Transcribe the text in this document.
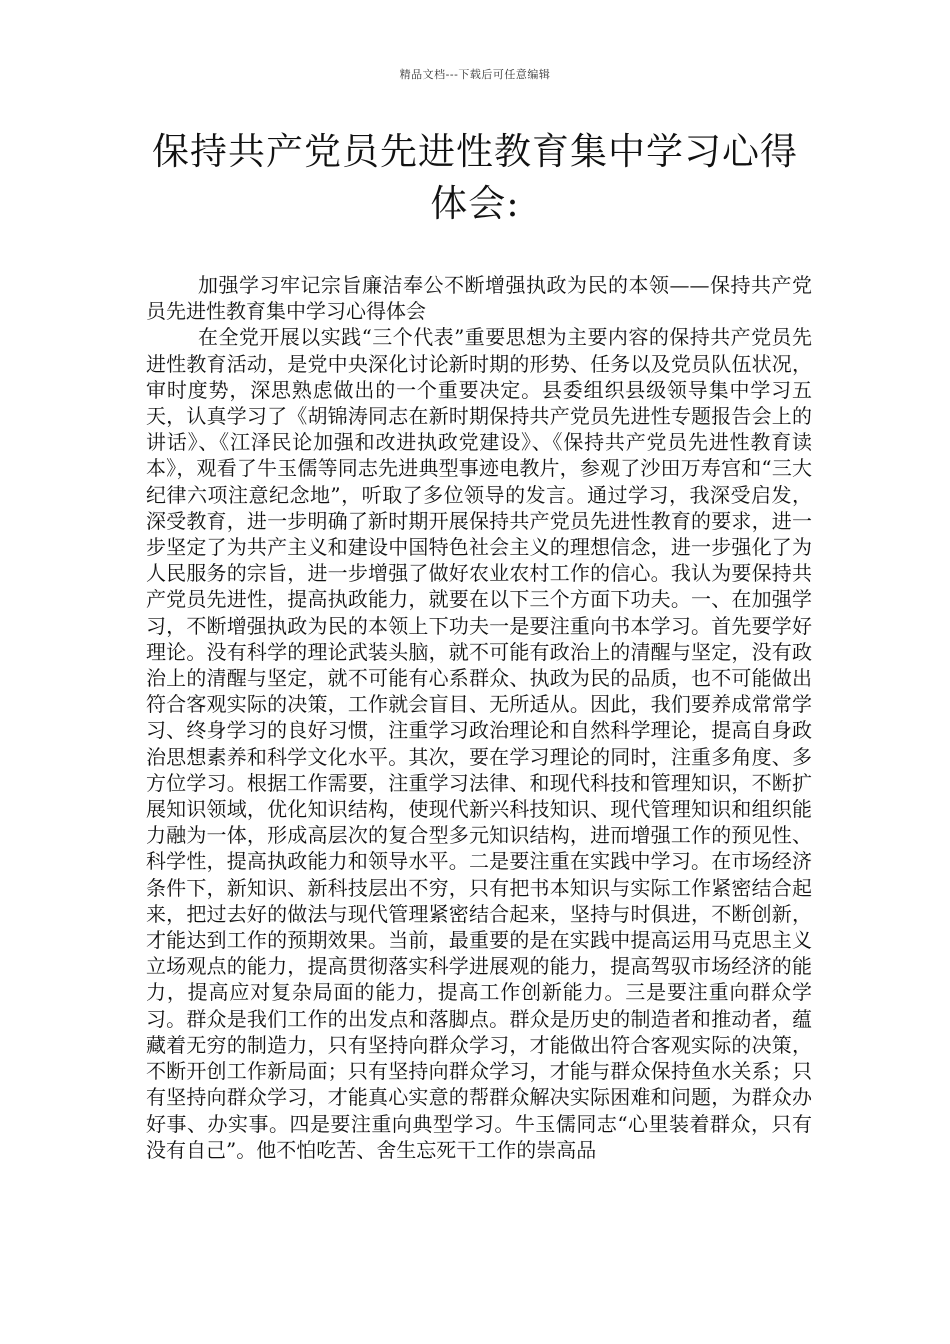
精品文档---下载后可任意编辑
保持共产党员先进性教育集中学习心得体会:

加强学习牢记宗旨廉洁奉公不断增强执政为民的本领——保持共产党员先进性教育集中学习心得体会

在全党开展以实践“三个代表”重要思想为主要内容的保持共产党员先进性教育活动，是党中央深化讨论新时期的形势、任务以及党员队伍状况，审时度势，深思熟虑做出的一个重要决定。县委组织县级领导集中学习五天，认真学习了《胡锦涛同志在新时期保持共产党员先进性专题报告会上的讲话》、《江泽民论加强和改进执政党建设》、《保持共产党员先进性教育读本》，观看了牛玉儒等同志先进典型事迹电教片，参观了沙田万寿宫和“三大纪律六项注意纪念地”，听取了多位领导的发言。通过学习，我深受启发，深受教育，进一步明确了新时期开展保持共产党员先进性教育的要求，进一步坚定了为共产主义和建设中国特色社会主义的理想信念，进一步强化了为人民服务的宗旨，进一步增强了做好农业农村工作的信心。我认为要保持共产党员先进性，提高执政能力，就要在以下三个方面下功夫。一、在加强学习，不断增强执政为民的本领上下功夫一是要注重向书本学习。首先要学好理论。没有科学的理论武装头脑，就不可能有政治上的清醒与坚定，没有政治上的清醒与坚定，就不可能有心系群众、执政为民的品质，也不可能做出符合客观实际的决策，工作就会盲目、无所适从。因此，我们要养成常常学习、终身学习的良好习惯，注重学习政治理论和自然科学理论，提高自身政治思想素养和科学文化水平。其次，要在学习理论的同时，注重多角度、多方位学习。根据工作需要，注重学习法律、和现代科技和管理知识，不断扩展知识领域，优化知识结构，使现代新兴科技知识、现代管理知识和组织能力融为一体，形成高层次的复合型多元知识结构，进而增强工作的预见性、科学性，提高执政能力和领导水平。二是要注重在实践中学习。在市场经济条件下，新知识、新科技层出不穷，只有把书本知识与实际工作紧密结合起来，把过去好的做法与现代管理紧密结合起来，坚持与时俱进，不断创新，才能达到工作的预期效果。当前，最重要的是在实践中提高运用马克思主义立场观点的能力，提高贯彻落实科学进展观的能力，提高驾驭市场经济的能力，提高应对复杂局面的能力，提高工作创新能力。三是要注重向群众学习。群众是我们工作的出发点和落脚点。群众是历史的制造者和推动者，蕴藏着无穷的制造力，只有坚持向群众学习，才能做出符合客观实际的决策，不断开创工作新局面；只有坚持向群众学习，才能与群众保持鱼水关系；只有坚持向群众学习，才能真心实意的帮群众解决实际困难和问题，为群众办好事、办实事。四是要注重向典型学习。牛玉儒同志“心里装着群众，只有没有自己”。他不怕吃苦、舍生忘死干工作的崇高品
